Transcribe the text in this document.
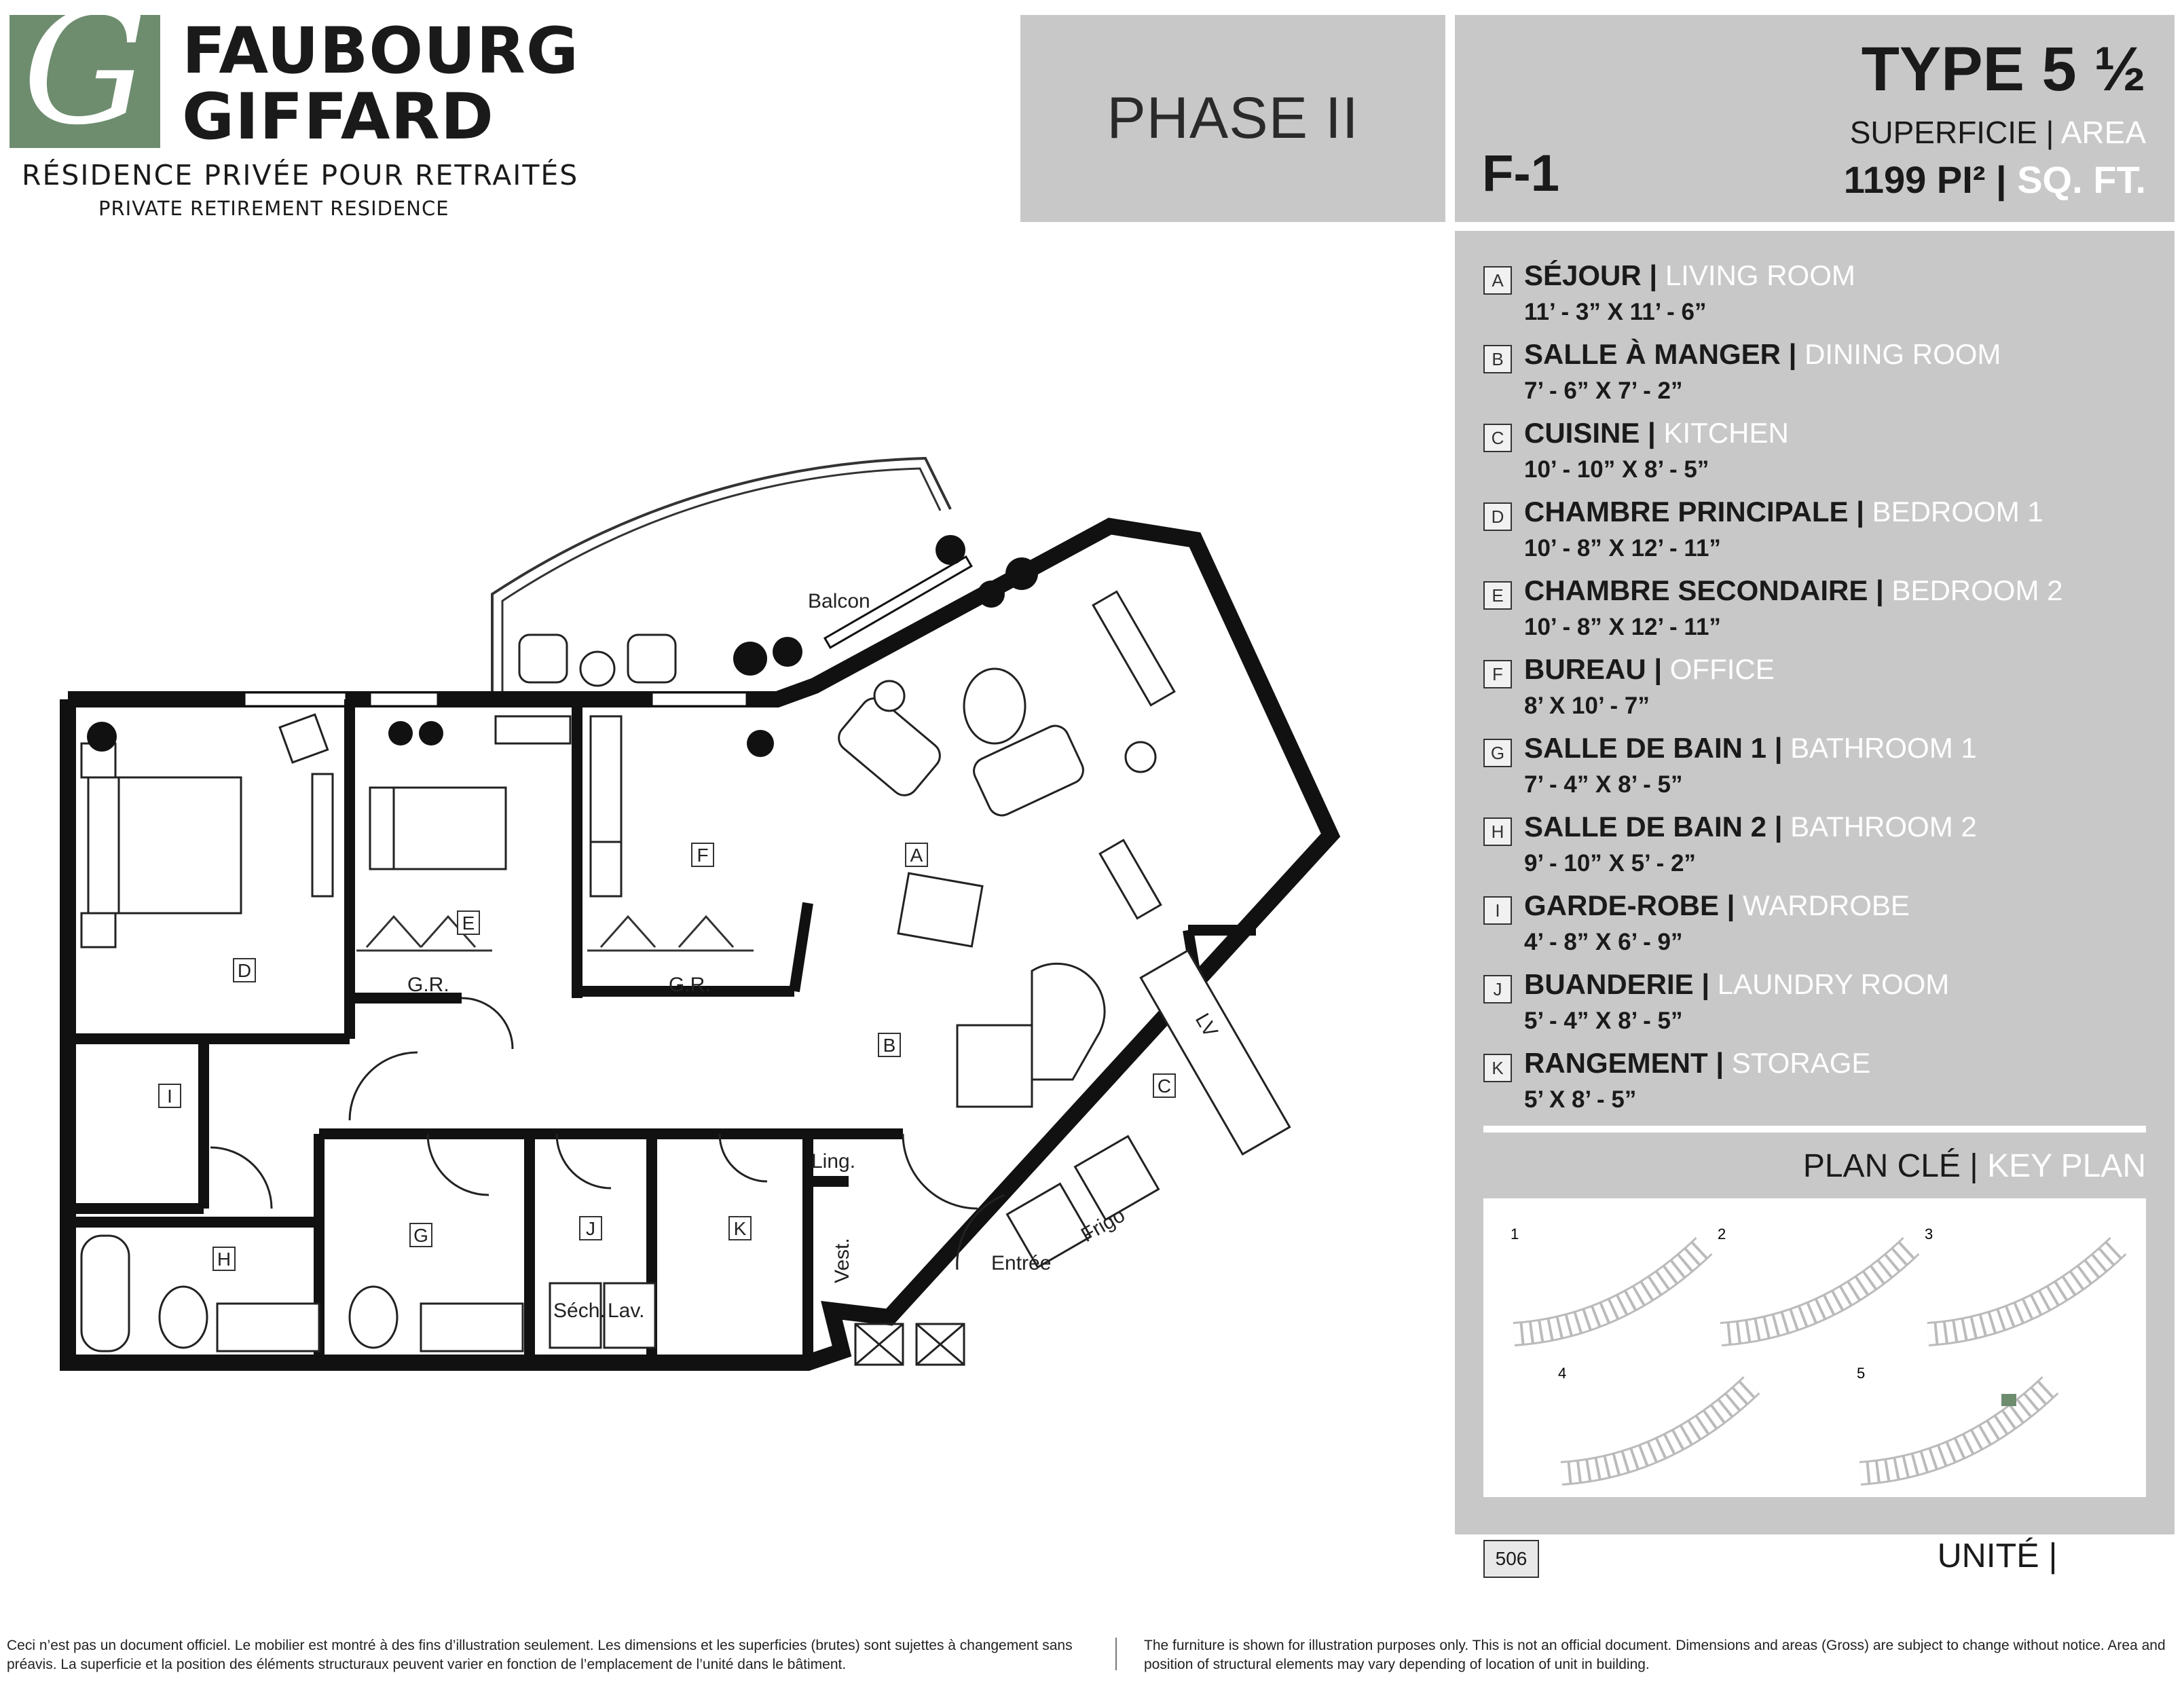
G FAUBOURG
GIFFARD
RÉSIDENCE PRIVÉE POUR RETRAITÉS
PRIVATE RETIREMENT RESIDENCE
PHASE II
F-1
TYPE 5 ½
SUPERFICIE | AREA
1199 PI² | SQ. FT.
A SÉJOUR | LIVING ROOM
11’ - 3” X 11’ - 6”
B SALLE À MANGER | DINING ROOM
7’ - 6” X 7’ - 2”
C CUISINE | KITCHEN
10’ - 10” X 8’ - 5”
D CHAMBRE PRINCIPALE | BEDROOM 1
10’ - 8” X 12’ - 11”
E CHAMBRE SECONDAIRE | BEDROOM 2
10’ - 8” X 12’ - 11”
F BUREAU | OFFICE
8’ X 10’ - 7”
G SALLE DE BAIN 1 | BATHROOM 1
7’ - 4” X 8’ - 5”
H SALLE DE BAIN 2 | BATHROOM 2
9’ - 10” X 5’ - 2”
I GARDE-ROBE | WARDROBE
4’ - 8” X 6’ - 9”
J BUANDERIE | LAUNDRY ROOM
5’ - 4” X 8’ - 5”
K RANGEMENT | STORAGE
5’ X 8’ - 5”
PLAN CLÉ | KEY PLAN
1	2	3
4	5
506	UNITÉ | UNIT
A
B
C
D
E
F
G
H
I
J	K
Balcon
G.R.	G.R.
LV
Ling.
Vest.	Entrée
Frigo
Séch. Lav.
Ceci n’est pas un document officiel. Le mobilier est montré à des fins d’illustration seulement. Les dimensions et les superficies (brutes) sont sujettes à changement sans préavis. La superficie et la position des éléments structuraux peuvent varier en fonction de l’emplacement de l’unité dans le bâtiment.
The furniture is shown for illustration purposes only. This is not an official document. Dimensions and areas (Gross) are subject to change without notice. Area and position of structural elements may vary depending of location of unit in building.
